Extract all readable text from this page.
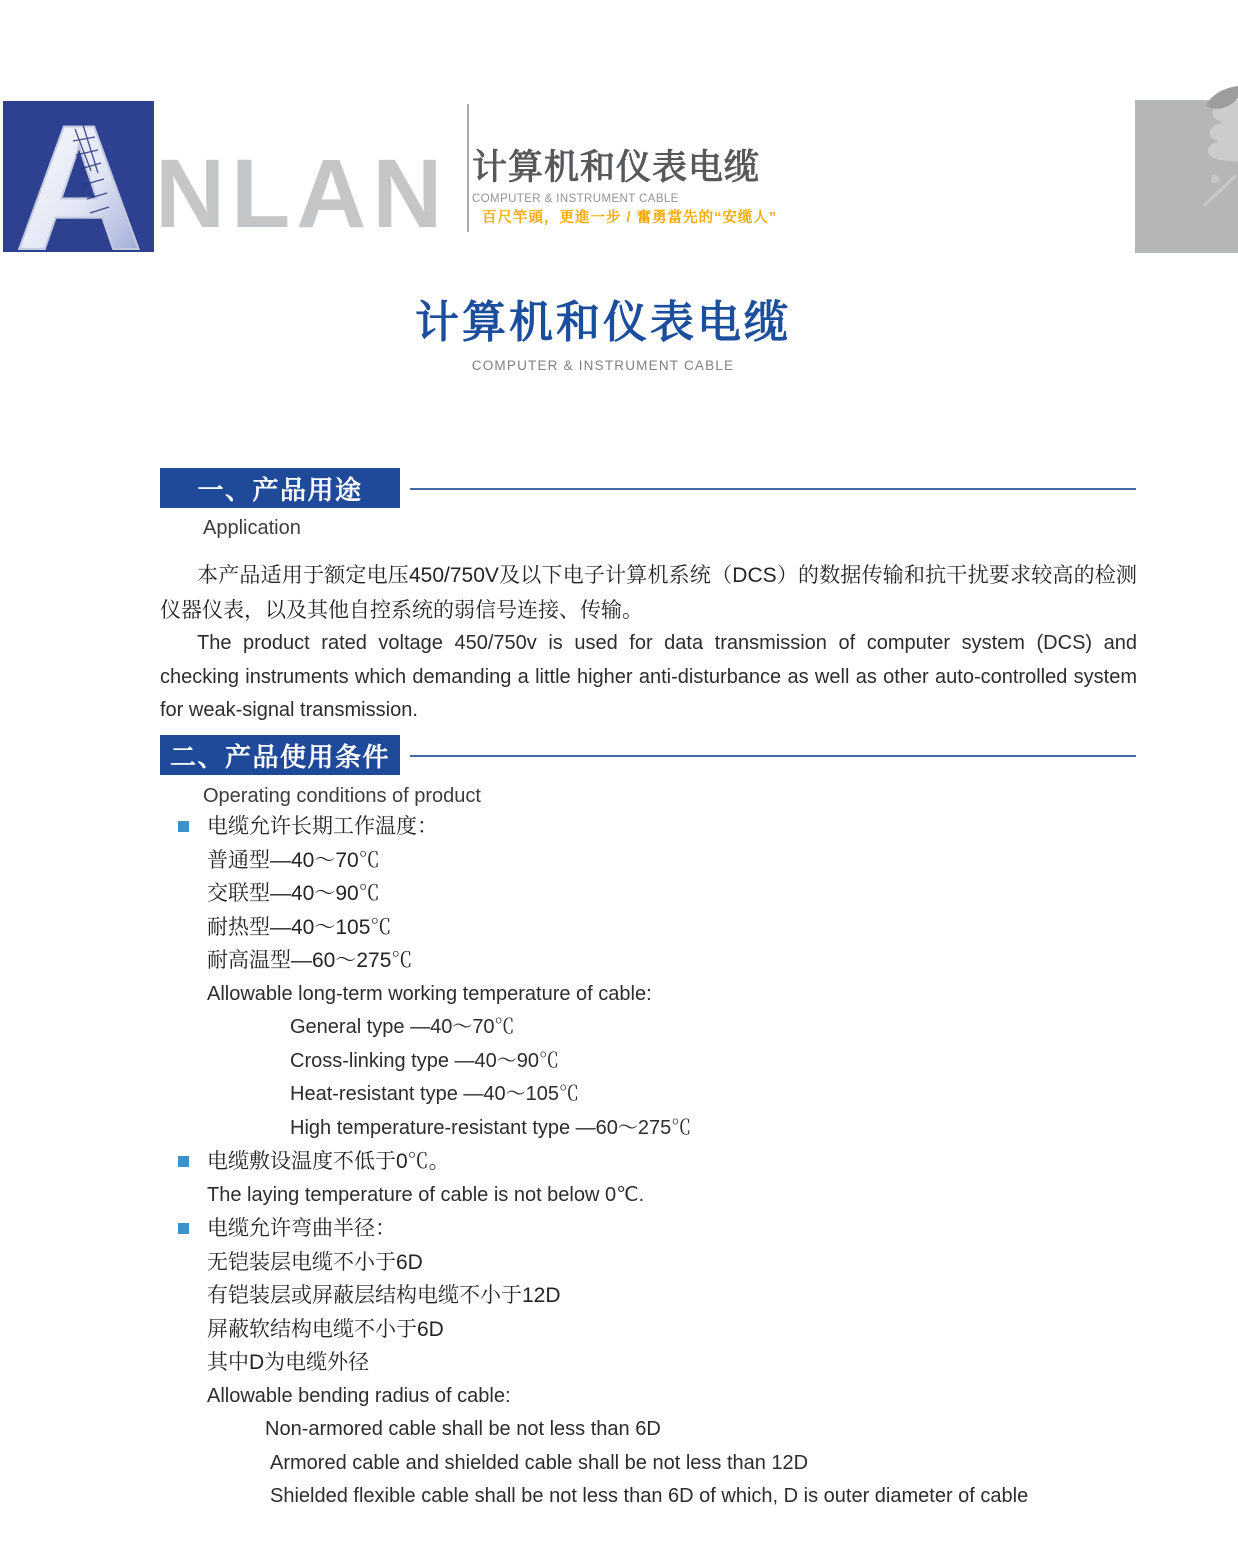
A NLAN 计算机和仪表电缆
COMPUTER & INSTRUMENT CABLE
百尺竿頭，更進一步 / 奮勇當先的“安缆人”
计算机和仪表电缆
COMPUTER & INSTRUMENT CABLE
一、产品用途
Application
本产品适用于额定电压450/750V及以下电子计算机系统（DCS）的数据传输和抗干扰要求较高的检测仪器仪表，以及其他自控系统的弱信号连接、传输。
The product rated voltage 450/750v is used for data transmission of computer system (DCS) and checking instruments which demanding a little higher anti-disturbance as well as other auto-controlled system for weak-signal transmission.
二、产品使用条件
Operating conditions of product
电缆允许长期工作温度：
普通型—40～70℃
交联型—40～90℃
耐热型—40～105℃
耐高温型—60～275℃
Allowable long-term working temperature of cable:
General type —40～70℃
Cross-linking type —40～90℃
Heat-resistant type —40～105℃
High temperature-resistant type —60～275℃
电缆敷设温度不低于0℃。
The laying temperature of cable is not below 0℃.
电缆允许弯曲半径：
无铠装层电缆不小于6D
有铠装层或屏蔽层结构电缆不小于12D
屏蔽软结构电缆不小于6D
其中D为电缆外径
Allowable bending radius of cable:
Non-armored cable shall be not less than 6D
Armored cable and shielded cable shall be not less than 12D
Shielded flexible cable shall be not less than 6D of which, D is outer diameter of cable
